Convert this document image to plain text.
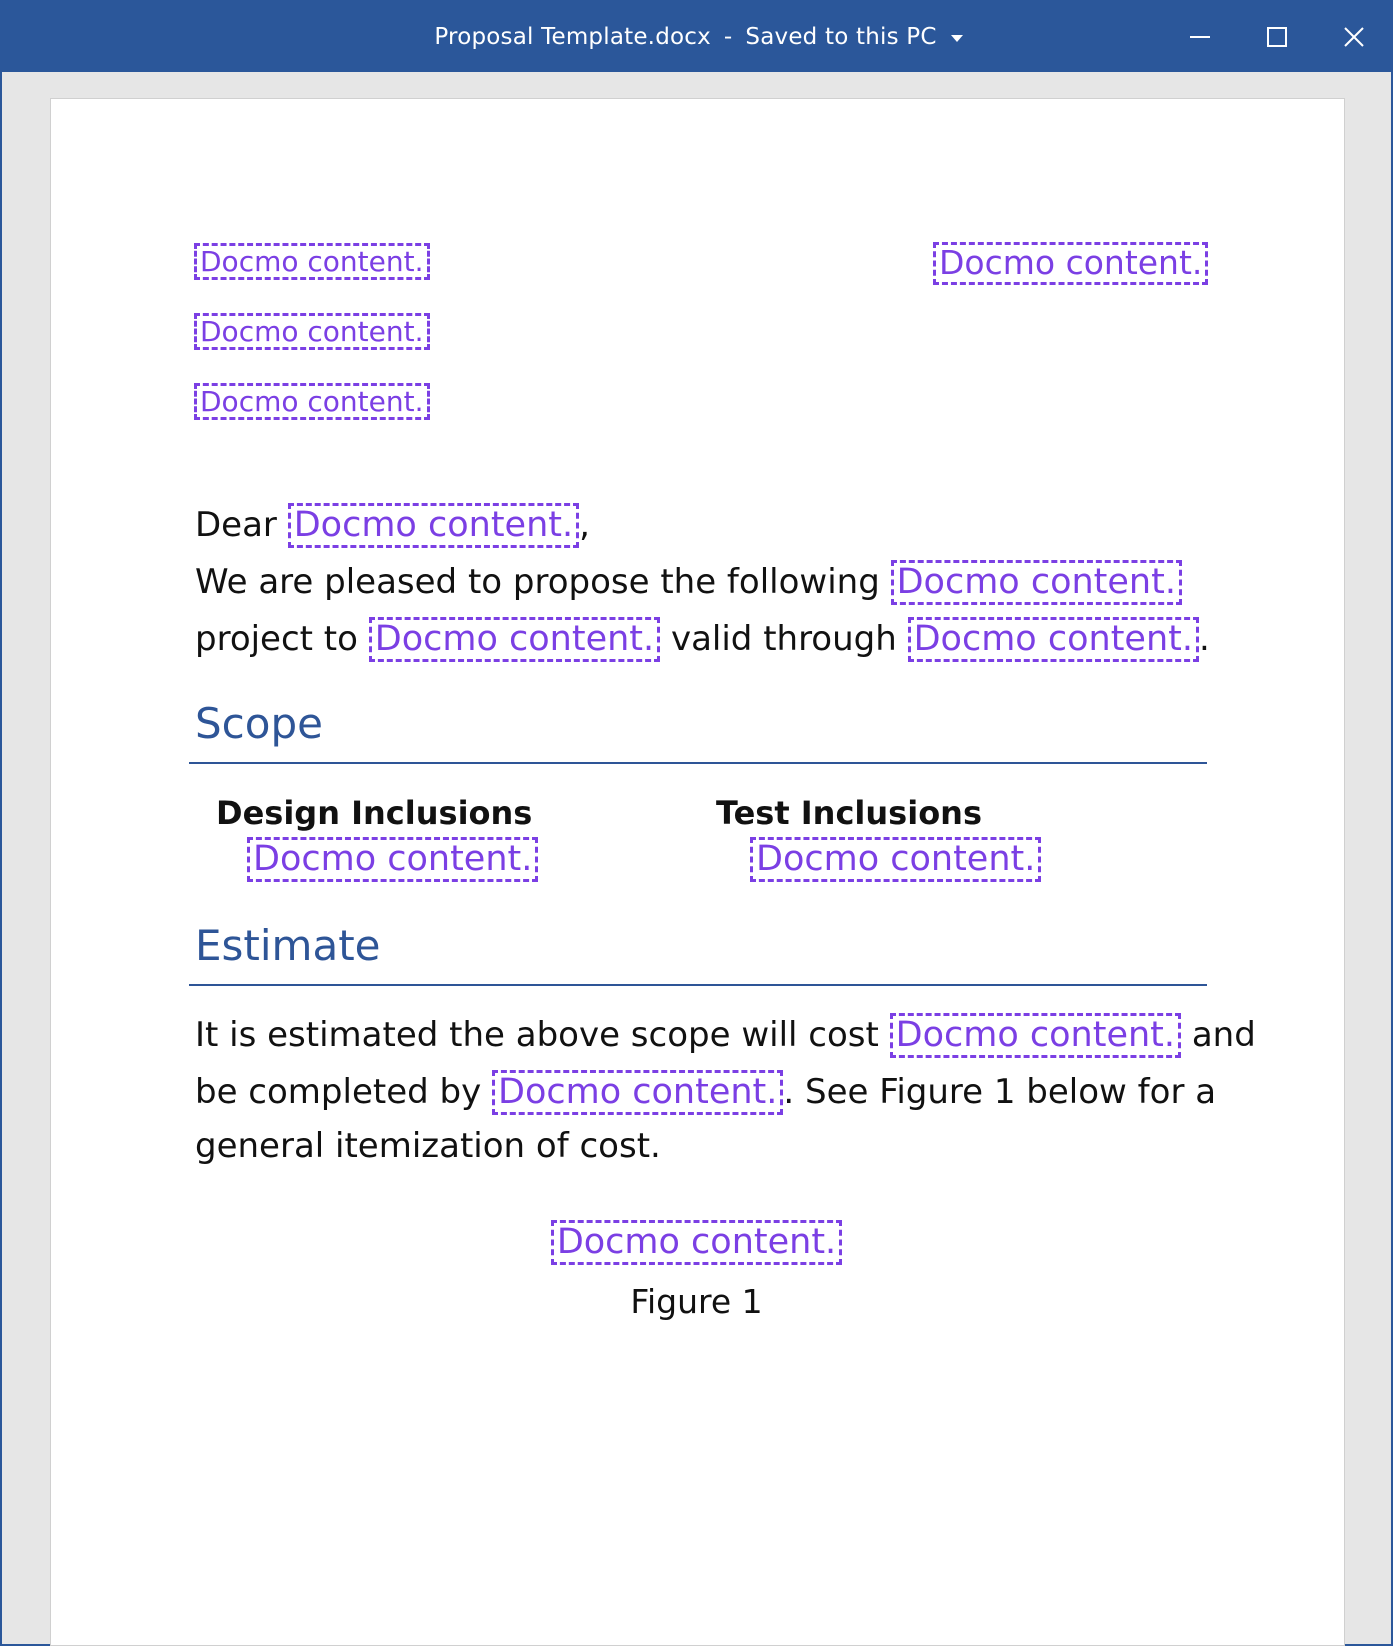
Proposal Template.docx - Saved to this PC
Docmo content.
Docmo content.
Docmo content.
Docmo content.
Dear Docmo content. ,
We are pleased to propose the following Docmo content.
project to Docmo content. valid through Docmo content. .
Scope
Design Inclusions	Test Inclusions
Docmo content.	Docmo content.
Estimate
It is estimated the above scope will cost Docmo content. and
be completed by Docmo content. . See Figure 1 below for a
general itemization of cost.
Docmo content.
Figure 1
